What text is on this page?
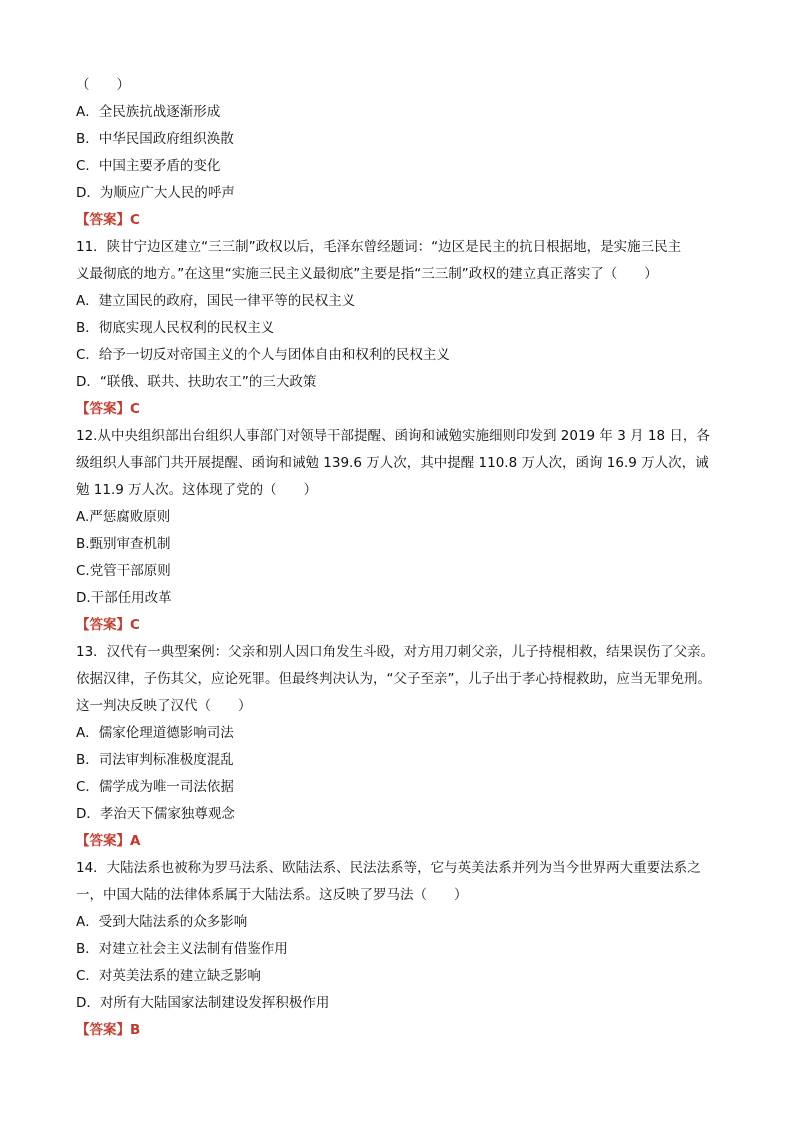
（　　）
A．全民族抗战逐渐形成
B．中华民国政府组织涣散
C．中国主要矛盾的变化
D．为顺应广大人民的呼声
【答案】C
11．陕甘宁边区建立“三三制”政权以后，毛泽东曾经题词：“边区是民主的抗日根据地，是实施三民主
义最彻底的地方。”在这里“实施三民主义最彻底”主要是指“三三制”政权的建立真正落实了（　　）
A．建立国民的政府，国民一律平等的民权主义
B．彻底实现人民权利的民权主义
C．给予一切反对帝国主义的个人与团体自由和权利的民权主义
D．“联俄、联共、扶助农工”的三大政策
【答案】C
12.从中央组织部出台组织人事部门对领导干部提醒、函询和诫勉实施细则印发到 2019 年 3 月 18 日，各
级组织人事部门共开展提醒、函询和诫勉 139.6 万人次，其中提醒 110.8 万人次，函询 16.9 万人次，诫
勉 11.9 万人次。这体现了党的（　　）
A.严惩腐败原则
B.甄别审查机制
C.党管干部原则
D.干部任用改革
【答案】C
13．汉代有一典型案例：父亲和别人因口角发生斗殴，对方用刀刺父亲，儿子持棍相救，结果误伤了父亲。
依据汉律，子伤其父，应论死罪。但最终判决认为，“父子至亲”，儿子出于孝心持棍救助，应当无罪免刑。
这一判决反映了汉代（　　）
A．儒家伦理道德影响司法
B．司法审判标准极度混乱
C．儒学成为唯一司法依据
D．孝治天下儒家独尊观念
【答案】A
14．大陆法系也被称为罗马法系、欧陆法系、民法法系等，它与英美法系并列为当今世界两大重要法系之
一，中国大陆的法律体系属于大陆法系。这反映了罗马法（　　）
A．受到大陆法系的众多影响
B．对建立社会主义法制有借鉴作用
C．对英美法系的建立缺乏影响
D．对所有大陆国家法制建设发挥积极作用
【答案】B
